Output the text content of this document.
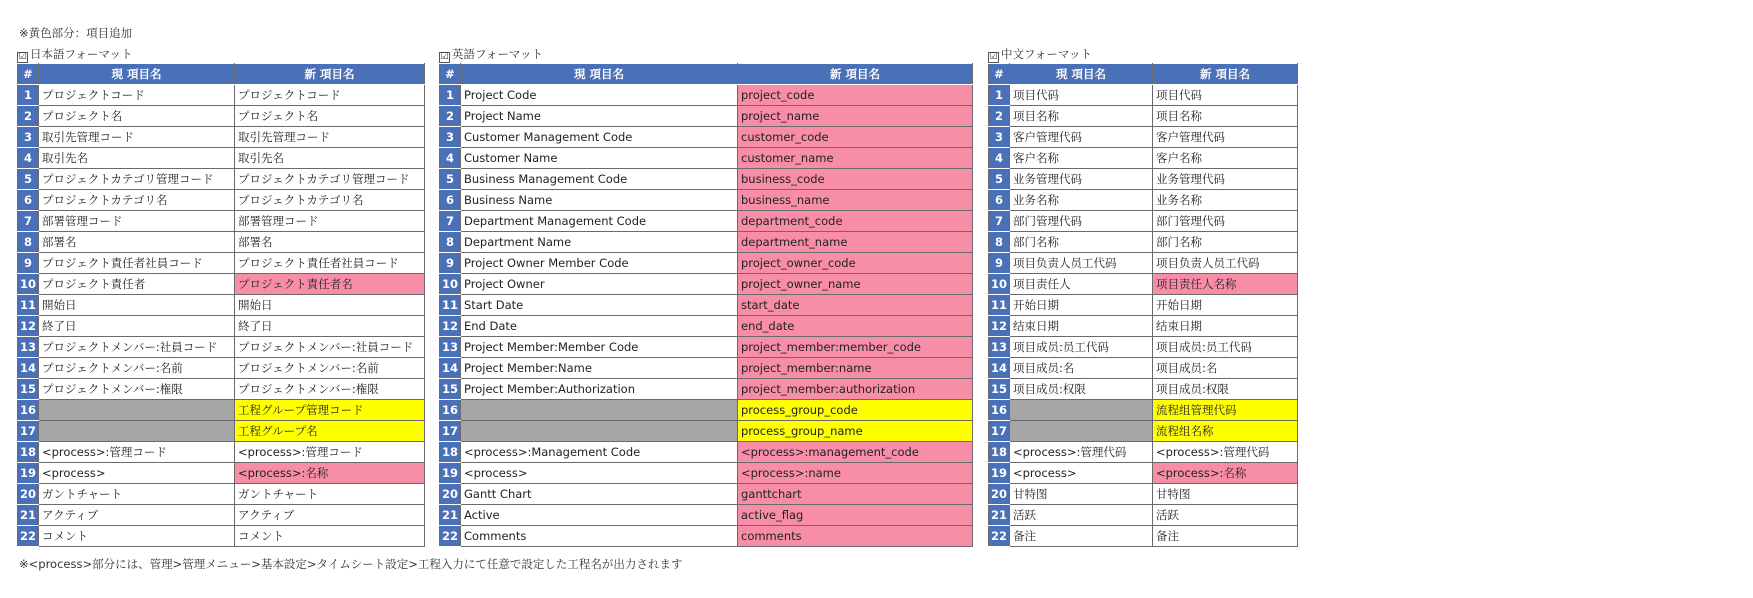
※黄色部分：項目追加
☑ 日本語フォーマット
#	現 項目名	新 項目名
1	プロジェクトコード	プロジェクトコード
2	プロジェクト名	プロジェクト名
3	取引先管理コード	取引先管理コード
4	取引先名	取引先名
5	プロジェクトカテゴリ管理コード	プロジェクトカテゴリ管理コード
6	プロジェクトカテゴリ名	プロジェクトカテゴリ名
7	部署管理コード	部署管理コード
8	部署名	部署名
9	プロジェクト責任者社員コード	プロジェクト責任者社員コード
10	プロジェクト責任者	プロジェクト責任者名
11	開始日	開始日
12	終了日	終了日
13	プロジェクトメンバー:社員コード	プロジェクトメンバー:社員コード
14	プロジェクトメンバー:名前	プロジェクトメンバー:名前
15	プロジェクトメンバー:権限	プロジェクトメンバー:権限
16		工程グループ管理コード
17		工程グループ名
18	<process>:管理コード	<process>:管理コード
19	<process>	<process>:名称
20	ガントチャート	ガントチャート
21	アクティブ	アクティブ
22	コメント	コメント
☑ 英語フォーマット
#	現 項目名	新 項目名
1	Project Code	project_code
2	Project Name	project_name
3	Customer Management Code	customer_code
4	Customer Name	customer_name
5	Business Management Code	business_code
6	Business Name	business_name
7	Department Management Code	department_code
8	Department Name	department_name
9	Project Owner Member Code	project_owner_code
10	Project Owner	project_owner_name
11	Start Date	start_date
12	End Date	end_date
13	Project Member:Member Code	project_member:member_code
14	Project Member:Name	project_member:name
15	Project Member:Authorization	project_member:authorization
16		process_group_code
17		process_group_name
18	<process>:Management Code	<process>:management_code
19	<process>	<process>:name
20	Gantt Chart	ganttchart
21	Active	active_flag
22	Comments	comments
☑ 中文フォーマット
#	現 項目名	新 項目名
1	项目代码	项目代码
2	项目名称	项目名称
3	客户管理代码	客户管理代码
4	客户名称	客户名称
5	业务管理代码	业务管理代码
6	业务名称	业务名称
7	部门管理代码	部门管理代码
8	部门名称	部门名称
9	项目负责人员工代码	项目负责人员工代码
10	项目责任人	项目责任人名称
11	开始日期	开始日期
12	结束日期	结束日期
13	项目成员:员工代码	项目成员:员工代码
14	项目成员:名	项目成员:名
15	项目成员:权限	项目成员:权限
16		流程组管理代码
17		流程组名称
18	<process>:管理代码	<process>:管理代码
19	<process>	<process>:名称
20	甘特图	甘特图
21	活跃	活跃
22	备注	备注
※<process>部分には、管理>管理メニュー>基本設定>タイムシート設定>工程入力にて任意で設定した工程名が出力されます
